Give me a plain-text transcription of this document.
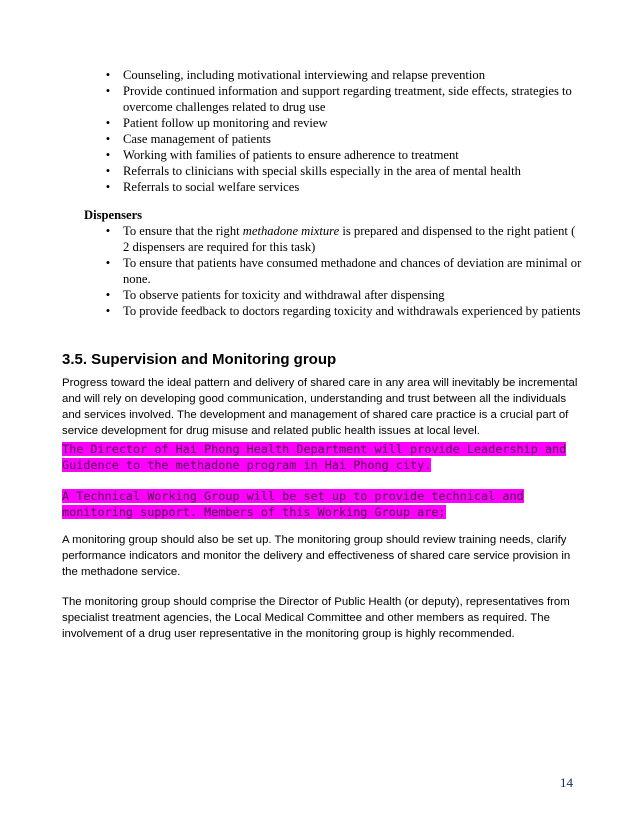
• Counseling, including motivational interviewing and relapse prevention
• Provide continued information and support regarding treatment, side effects, strategies to overcome challenges related to drug use
• Patient follow up monitoring and review
• Case management of patients
• Working with families of patients to ensure adherence to treatment
• Referrals to clinicians with special skills especially in the area of mental health
• Referrals to social welfare services
Dispensers
• To ensure that the right methadone mixture is prepared and dispensed to the right patient ( 2 dispensers are required for this task)
• To ensure that patients have consumed methadone and chances of deviation are minimal or none.
• To observe patients for toxicity and withdrawal after dispensing
• To provide feedback to doctors regarding toxicity and withdrawals experienced by patients
3.5. Supervision and Monitoring group
Progress toward the ideal pattern and delivery of shared care in any area will inevitably be incremental and will rely on developing good communication, understanding and trust between all the individuals and services involved. The development and management of shared care practice is a crucial part of service development for drug misuse and related public health issues at local level.
The Director of Hai Phong Health Department will provide Leadership and Guidence to the methadone program in Hai Phong city.
A Technical Working Group will be set up to provide technical and monitoring support. Members of this Working Group are;
A monitoring group should also be set up. The monitoring group should review training needs, clarify performance indicators and monitor the delivery and effectiveness of shared care service provision in the methadone service.
The monitoring group should comprise the Director of Public Health (or deputy), representatives from specialist treatment agencies, the Local Medical Committee and other members as required. The involvement of a drug user representative in the monitoring group is highly recommended.
14
